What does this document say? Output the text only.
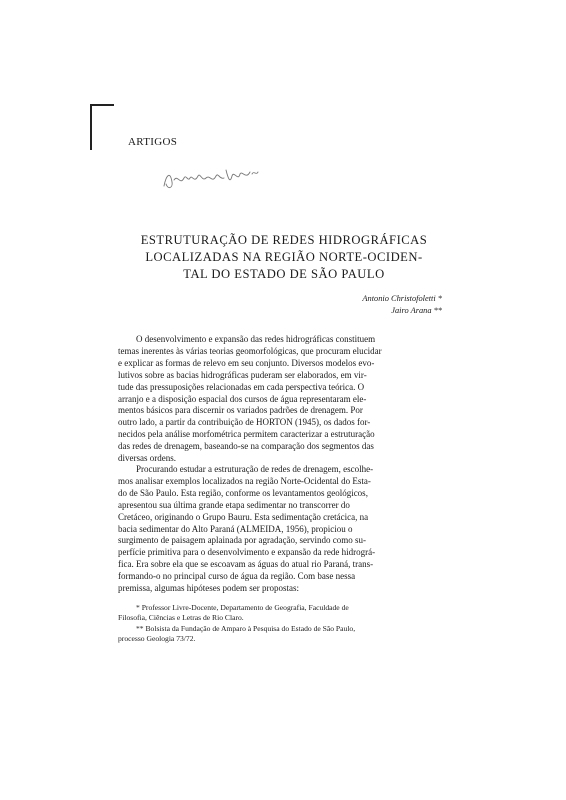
ARTIGOS
ESTRUTURAÇÃO DE REDES HIDROGRÁFICAS
LOCALIZADAS NA REGIÃO NORTE-OCIDEN-
TAL DO ESTADO DE SÃO PAULO
Antonio Christofoletti *
Jairo Arana **

O desenvolvimento e expansão das redes hidrográficas constituem
temas inerentes às várias teorias geomorfológicas, que procuram elucidar
e explicar as formas de relevo em seu conjunto. Diversos modelos evo-
lutivos sobre as bacias hidrográficas puderam ser elaborados, em vir-
tude das pressuposições relacionadas em cada perspectiva teórica. O
arranjo e a disposição espacial dos cursos de água representaram ele-
mentos básicos para discernir os variados padrões de drenagem. Por
outro lado, a partir da contribuição de HORTON (1945), os dados for-
necidos pela análise morfométrica permitem caracterizar a estruturação
das redes de drenagem, baseando-se na comparação dos segmentos das
diversas ordens.

Procurando estudar a estruturação de redes de drenagem, escolhe-
mos analisar exemplos localizados na região Norte-Ocidental do Esta-
do de São Paulo. Esta região, conforme os levantamentos geológicos,
apresentou sua última grande etapa sedimentar no transcorrer do
Cretáceo, originando o Grupo Bauru. Esta sedimentação cretácica, na
bacia sedimentar do Alto Paraná (ALMEIDA, 1956), propiciou o
surgimento de paisagem aplainada por agradação, servindo como su-
perfície primitiva para o desenvolvimento e expansão da rede hidrográ-
fica. Era sobre ela que se escoavam as águas do atual rio Paraná, trans-
formando-o no principal curso de água da região. Com base nessa
premissa, algumas hipóteses podem ser propostas:

* Professor Livre-Docente, Departamento de Geografia, Faculdade de
Filosofia, Ciências e Letras de Rio Claro.
** Bolsista da Fundação de Amparo à Pesquisa do Estado de São Paulo,
processo Geologia 73/72.
